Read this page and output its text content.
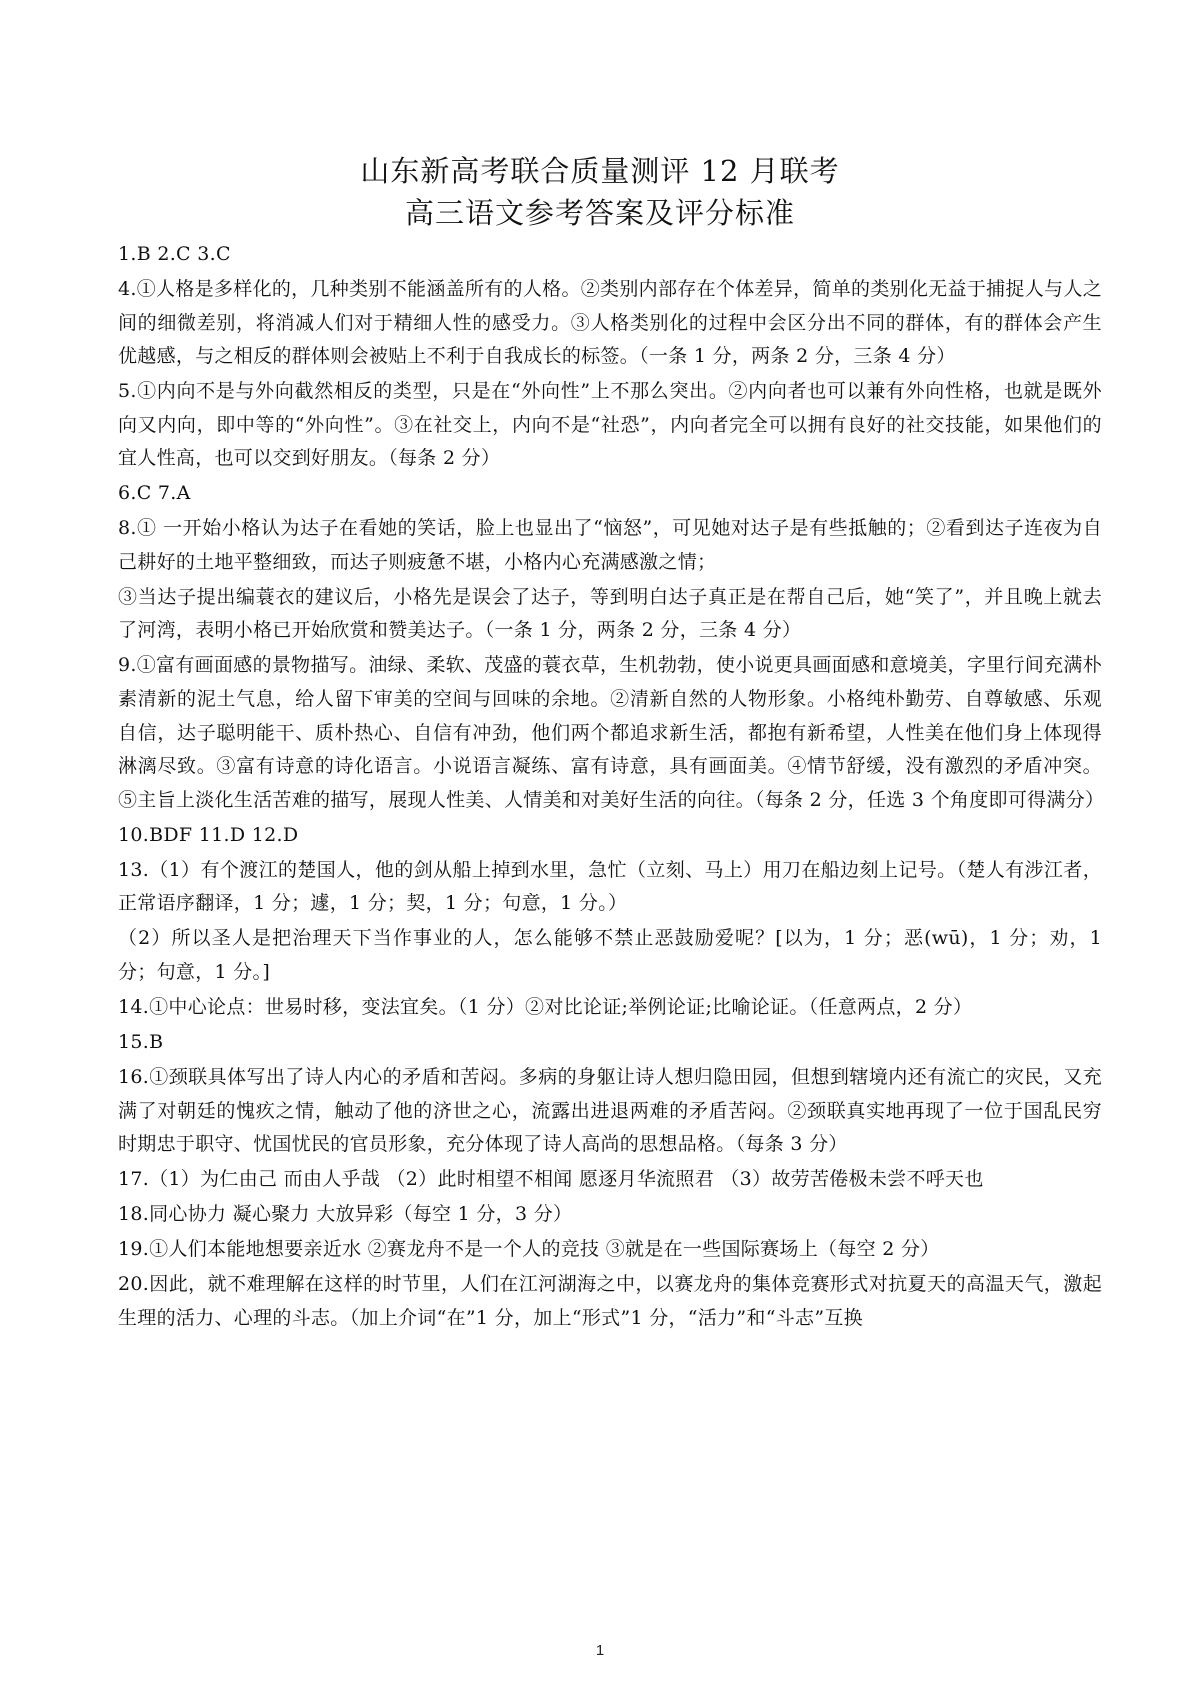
山东新高考联合质量测评 12 月联考
高三语文参考答案及评分标准

1.B 2.C 3.C

4.①人格是多样化的，几种类别不能涵盖所有的人格。②类别内部存在个体差异，简单的类别化无益于捕捉人与人之间的细微差别，将消减人们对于精细人性的感受力。③人格类别化的过程中会区分出不同的群体，有的群体会产生优越感，与之相反的群体则会被贴上不利于自我成长的标签。（一条 1 分，两条 2 分，三条 4 分）

5.①内向不是与外向截然相反的类型，只是在“外向性”上不那么突出。②内向者也可以兼有外向性格，也就是既外向又内向，即中等的“外向性”。③在社交上，内向不是“社恐”，内向者完全可以拥有良好的社交技能，如果他们的宜人性高，也可以交到好朋友。（每条 2 分）

6.C 7.A

8.① 一开始小格认为达子在看她的笑话，脸上也显出了“恼怒”，可见她对达子是有些抵触的；②看到达子连夜为自己耕好的土地平整细致，而达子则疲惫不堪，小格内心充满感激之情；

③当达子提出编蓑衣的建议后，小格先是误会了达子，等到明白达子真正是在帮自己后，她“笑了”，并且晚上就去了河湾，表明小格已开始欣赏和赞美达子。（一条 1 分，两条 2 分，三条 4 分）

9.①富有画面感的景物描写。油绿、柔软、茂盛的蓑衣草，生机勃勃，使小说更具画面感和意境美，字里行间充满朴素清新的泥土气息，给人留下审美的空间与回味的余地。②清新自然的人物形象。小格纯朴勤劳、自尊敏感、乐观自信，达子聪明能干、质朴热心、自信有冲劲，他们两个都追求新生活，都抱有新希望，人性美在他们身上体现得淋漓尽致。③富有诗意的诗化语言。小说语言凝练、富有诗意，具有画面美。④情节舒缓，没有激烈的矛盾冲突。⑤主旨上淡化生活苦难的描写，展现人性美、人情美和对美好生活的向往。（每条 2 分，任选 3 个角度即可得满分）

10.BDF 11.D 12.D

13.（1）有个渡江的楚国人，他的剑从船上掉到水里，急忙（立刻、马上）用刀在船边刻上记号。（楚人有涉江者，正常语序翻译，1 分；遽，1 分；契，1 分；句意，1 分。）

（2）所以圣人是把治理天下当作事业的人，怎么能够不禁止恶鼓励爱呢？[以为，1 分；恶(wū)，1 分；劝，1 分；句意，1 分。]

14.①中心论点：世易时移，变法宜矣。（1 分）②对比论证;举例论证;比喻论证。（任意两点，2 分）

15.B

16.①颈联具体写出了诗人内心的矛盾和苦闷。多病的身躯让诗人想归隐田园，但想到辖境内还有流亡的灾民，又充满了对朝廷的愧疚之情，触动了他的济世之心，流露出进退两难的矛盾苦闷。②颈联真实地再现了一位于国乱民穷时期忠于职守、忧国忧民的官员形象，充分体现了诗人高尚的思想品格。（每条 3 分）

17.（1）为仁由己 而由人乎哉 （2）此时相望不相闻 愿逐月华流照君 （3）故劳苦倦极未尝不呼天也

18.同心协力 凝心聚力 大放异彩（每空 1 分，3 分）

19.①人们本能地想要亲近水 ②赛龙舟不是一个人的竞技 ③就是在一些国际赛场上（每空 2 分）

20.因此，就不难理解在这样的时节里，人们在江河湖海之中，以赛龙舟的集体竞赛形式对抗夏天的高温天气，激起生理的活力、心理的斗志。（加上介词“在”1 分，加上“形式”1 分，“活力”和“斗志”互换

1
